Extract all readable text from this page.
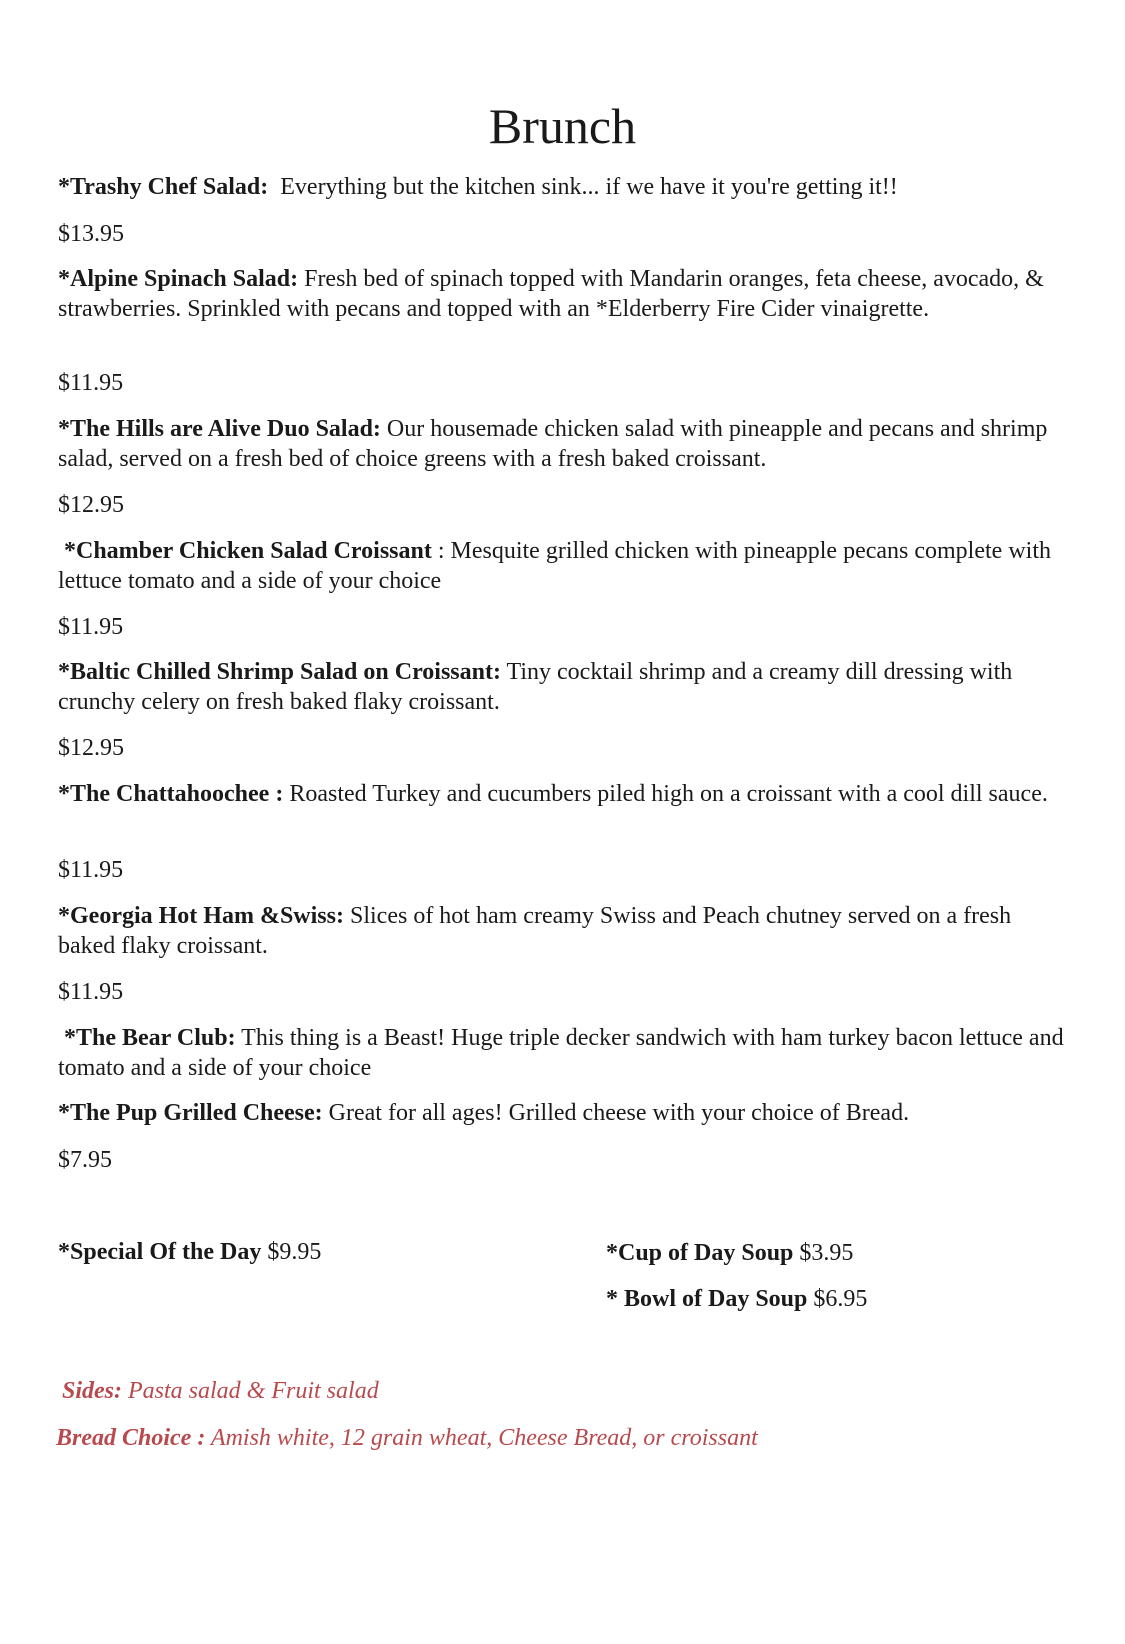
Brunch

*Trashy Chef Salad: Everything but the kitchen sink... if we have it you're getting it!!

$13.95

*Alpine Spinach Salad: Fresh bed of spinach topped with Mandarin oranges, feta cheese, avocado, & strawberries. Sprinkled with pecans and topped with an *Elderberry Fire Cider vinaigrette.

$11.95

*The Hills are Alive Duo Salad: Our housemade chicken salad with pineapple and pecans and shrimp salad, served on a fresh bed of choice greens with a fresh baked croissant.

$12.95

*Chamber Chicken Salad Croissant : Mesquite grilled chicken with pineapple pecans complete with lettuce tomato and a side of your choice

$11.95

*Baltic Chilled Shrimp Salad on Croissant: Tiny cocktail shrimp and a creamy dill dressing with crunchy celery on fresh baked flaky croissant.

$12.95

*The Chattahoochee : Roasted Turkey and cucumbers piled high on a croissant with a cool dill sauce.

$11.95

*Georgia Hot Ham &Swiss: Slices of hot ham creamy Swiss and Peach chutney served on a fresh baked flaky croissant.

$11.95

*The Bear Club: This thing is a Beast! Huge triple decker sandwich with ham turkey bacon lettuce and tomato and a side of your choice

*The Pup Grilled Cheese: Great for all ages! Grilled cheese with your choice of Bread.

$7.95

*Special Of the Day $9.95	*Cup of Day Soup $3.95

* Bowl of Day Soup $6.95

Sides: Pasta salad & Fruit salad

Bread Choice : Amish white, 12 grain wheat, Cheese Bread, or croissant
